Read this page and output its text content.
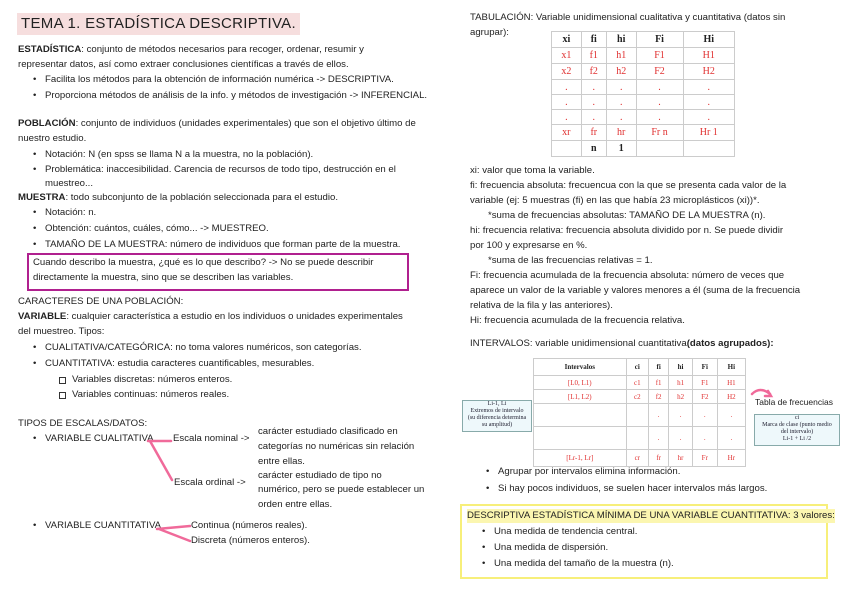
TEMA 1. ESTADÍSTICA DESCRIPTIVA.
ESTADÍSTICA: conjunto de métodos necesarios para recoger, ordenar, resumir y
representar datos, así como extraer conclusiones científicas a través de ellos.
• Facilita los métodos para la obtención de información numérica -> DESCRIPTIVA.
• Proporciona métodos de análisis de la info. y métodos de investigación -> INFERENCIAL.
POBLACIÓN: conjunto de individuos (unidades experimentales) que son el objetivo último de
nuestro estudio.
• Notación: N (en spss se llama N a la muestra, no la población).
• Problemática: inaccesibilidad. Carencia de recursos de todo tipo, destrucción en el
muestreo...
MUESTRA: todo subconjunto de la población seleccionada para el estudio.
• Notación: n.
• Obtención: cuántos, cuáles, cómo... -> MUESTREO.
• TAMAÑO DE LA MUESTRA: número de individuos que forman parte de la muestra.
Cuando describo la muestra, ¿qué es lo que describo? -> No se puede describir
directamente la muestra, sino que se describen las variables.
CARACTERES DE UNA POBLACIÓN:
VARIABLE: cualquier característica a estudio en los individuos o unidades experimentales
del muestreo. Tipos:
• CUALITATIVA/CATEGÓRICA: no toma valores numéricos, son categorías.
• CUANTITATIVA: estudia caracteres cuantificables, mesurables.
Variables discretas: números enteros.
Variables continuas: números reales.
TIPOS DE ESCALAS/DATOS:
• VARIABLE CUALITATIVA Escala nominal ->
carácter estudiado clasificado en
categorías no numéricas sin relación
entre ellas.
carácter estudiado de tipo no
Escala ordinal ->
numérico, pero se puede establecer un
orden entre ellas.
• VARIABLE CUANTITATIVA	Continua (números reales).
Discreta (números enteros).
TABULACIÓN: Variable unidimensional cualitativa y cuantitativa (datos sin
agrupar):
xi	fi	hi	Fi	Hi
x1	f1	h1	F1	H1
x2	f2	h2	F2	H2
.	.	.	.	.
.	.	.	.	.
.	.	.	.	.
xr	fr	hr	Fr n	Hr 1
	n	1		
xi: valor que toma la variable.
fi: frecuencia absoluta: frecuencua con la que se presenta cada valor de la
variable (ej: 5 muestras (fi) en las que había 23 microplásticos (xi))*.
*suma de frecuencias absolutas: TAMAÑO DE LA MUESTRA (n).
hi: frecuencia relativa: frecuencia absoluta dividido por n. Se puede dividir
por 100 y expresarse en %.
*suma de las frecuencias relativas = 1.
Fi: frecuencia acumulada de la frecuencia absoluta: número de veces que
aparece un valor de la variable y valores menores a él (suma de la frecuencia
relativa de la fila y las anteriores).
Hi: frecuencia acumulada de la frecuencia relativa.
INTERVALOS: variable unidimensional cuantitativa(datos agrupados):
Intervalos	ci	fi	hi	Fi	Hi
[L0, L1)	c1	f1	h1	F1	H1
[L1, L2)	c2	f2	h2	F2	H2
		.	.	.	.
		.	.	.	.
[Lr-1, Lr]	cr	fr	hr	Fr	Hr
ci
Marca de clase (punto medio
del intervalo)
Li-1 + Li /2
Li-1, Li
Extremos de intervalo
(su diferencia determina
su amplitud)
Tabla de frecuencias
• Agrupar por intervalos elimina información.
• Si hay pocos individuos, se suelen hacer intervalos más largos.
DESCRIPTIVA ESTADÍSTICA MÍNIMA DE UNA VARIABLE CUANTITATIVA: 3 valores:
• Una medida de tendencia central.
• Una medida de dispersión.
• Una medida del tamaño de la muestra (n).
